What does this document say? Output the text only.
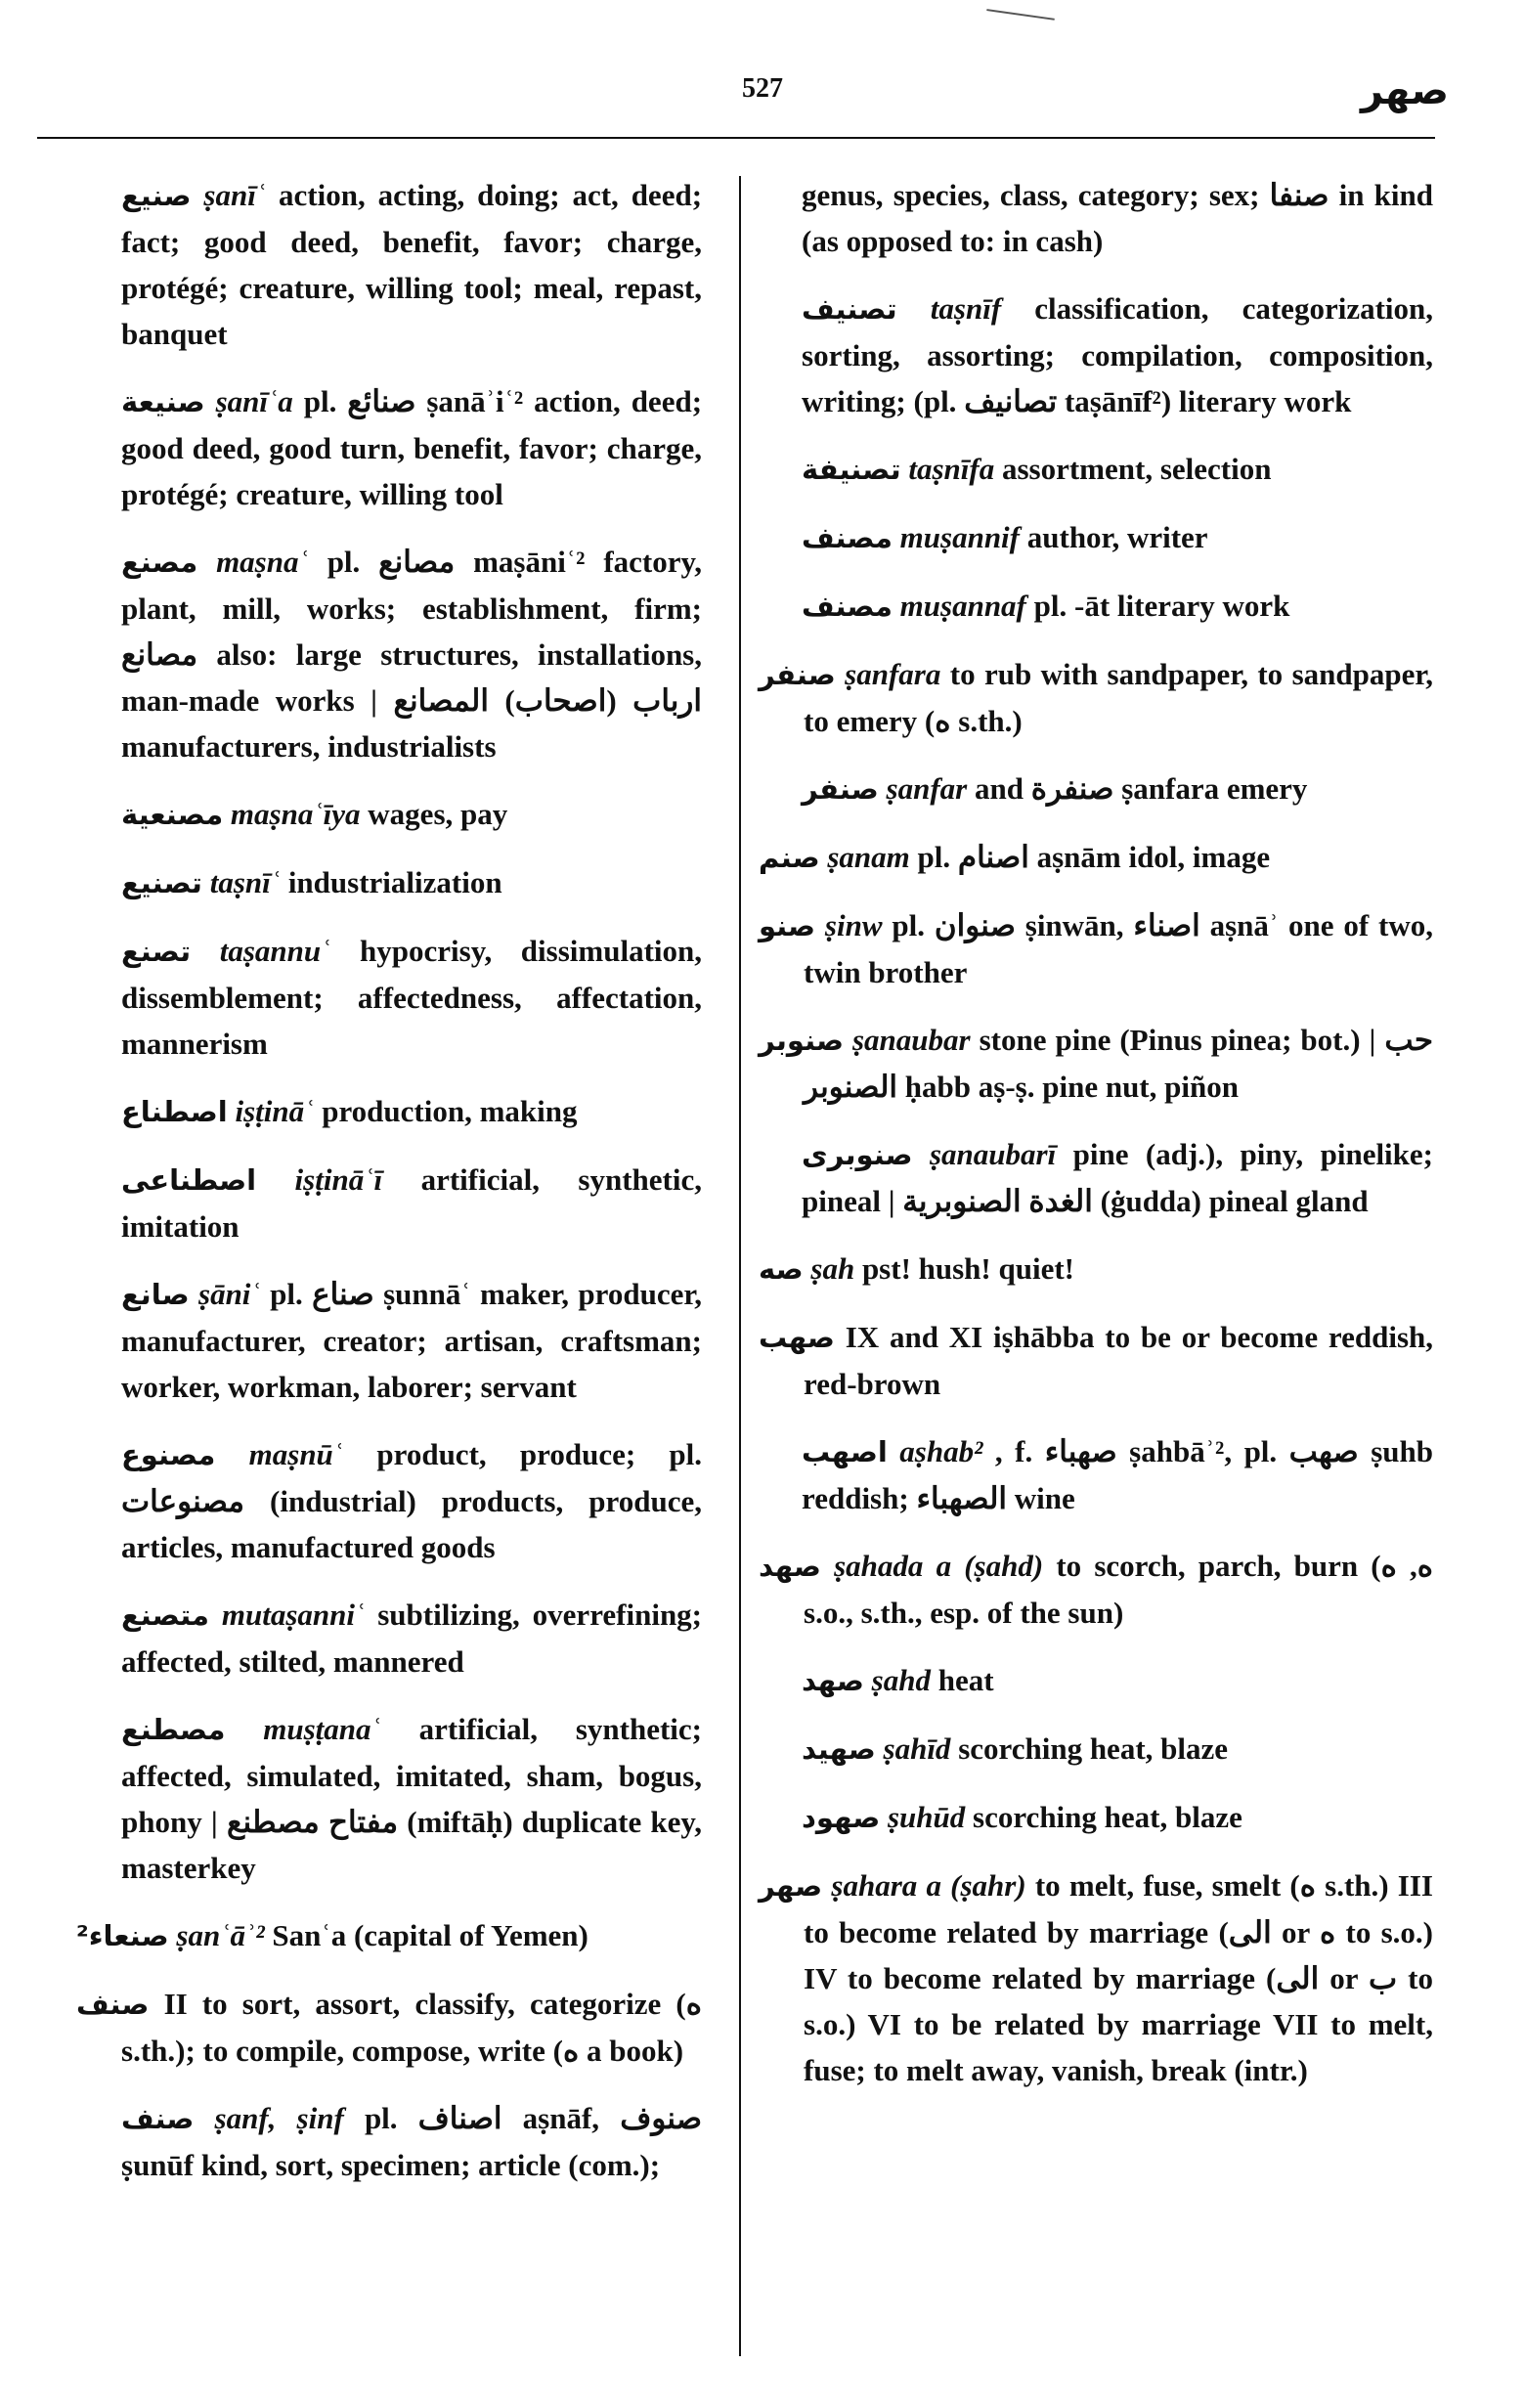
527	صهر
صنيع ṣanīʿ action, acting, doing; act, deed; fact; good deed, benefit, favor; charge, protégé; creature, willing tool; meal, repast, banquet
صنيعة ṣanīʿa pl. صنائع ṣanāʾiʿ² action, deed; good deed, good turn, benefit, favor; charge, protégé; creature, willing tool
مصنع maṣnaʿ pl. مصانع maṣāniʿ² factory, plant, mill, works; establishment, firm; مصانع also: large structures, installations, man-made works | ارباب (اصحاب) المصانع manufacturers, industrialists
مصنعية maṣnaʿīya wages, pay
تصنيع taṣnīʿ industrialization
تصنع taṣannuʿ hypocrisy, dissimulation, dissemblement; affectedness, affectation, mannerism
اصطناع iṣṭināʿ production, making
اصطناعى iṣṭināʿī artificial, synthetic, imitation
صانع ṣāniʿ pl. صناع ṣunnāʿ maker, producer, manufacturer, creator; artisan, craftsman; worker, workman, laborer; servant
مصنوع maṣnūʿ product, produce; pl. مصنوعات (industrial) products, produce, articles, manufactured goods
متصنع mutaṣanniʿ subtilizing, overrefining; affected, stilted, mannered
مصطنع muṣṭanaʿ artificial, synthetic; affected, simulated, imitated, sham, bogus, phony | مفتاح مصطنع (miftāḥ) duplicate key, masterkey
صنعاء² ṣanʿāʾ² Sanʿa (capital of Yemen)
صنف II to sort, assort, classify, categorize (ه s.th.); to compile, compose, write (ه a book)
صنف ṣanf, ṣinf pl. اصناف aṣnāf, صنوف ṣunūf kind, sort, specimen; article (com.);
genus, species, class, category; sex; صنفا in kind (as opposed to: in cash)
تصنيف taṣnīf classification, categorization, sorting, assorting; compilation, composition, writing; (pl. تصانيف taṣānīf²) literary work
تصنيفة taṣnīfa assortment, selection
مصنف muṣannif author, writer
مصنف muṣannaf pl. -āt literary work
صنفر ṣanfara to rub with sandpaper, to sandpaper, to emery (ه s.th.)
صنفر ṣanfar and صنفرة ṣanfara emery
صنم ṣanam pl. اصنام aṣnām idol, image
صنو ṣinw pl. صنوان ṣinwān, اصناء aṣnāʾ one of two, twin brother
صنوبر ṣanaubar stone pine (Pinus pinea; bot.) | حب الصنوبر ḥabb aṣ-ṣ. pine nut, piñon
صنوبرى ṣanaubarī pine (adj.), piny, pinelike; pineal | الغدة الصنوبرية (ġudda) pineal gland
صه ṣah pst! hush! quiet!
صهب IX and XI iṣhābba to be or become reddish, red-brown
اصهب aṣhab² , f. صهباء ṣahbāʾ², pl. صهب ṣuhb reddish; الصهباء wine
صهد ṣahada a (ṣahd) to scorch, parch, burn (ه, ه s.o., s.th., esp. of the sun)
صهد ṣahd heat
صهيد ṣahīd scorching heat, blaze
صهود ṣuhūd scorching heat, blaze
صهر ṣahara a (ṣahr) to melt, fuse, smelt (ه s.th.) III to become related by marriage (الى or ه to s.o.) IV to become related by marriage (الى or ب to s.o.) VI to be related by marriage VII to melt, fuse; to melt away, vanish, break (intr.)
